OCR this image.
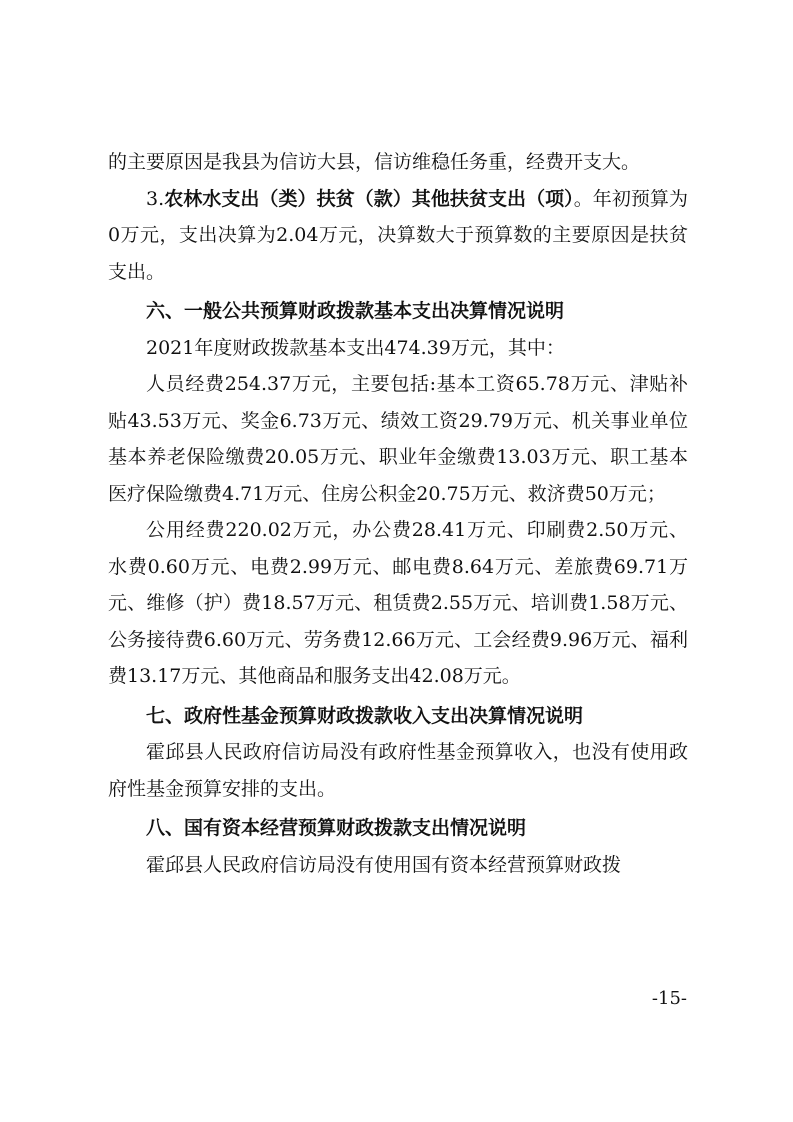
的主要原因是我县为信访大县，信访维稳任务重，经费开支大。

3.农林水支出（类）扶贫（款）其他扶贫支出（项）。年初预算为0万元，支出决算为2.04万元，决算数大于预算数的主要原因是扶贫支出。

六、一般公共预算财政拨款基本支出决算情况说明

2021年度财政拨款基本支出474.39万元，其中：

人员经费254.37万元，主要包括:基本工资65.78万元、津贴补贴43.53万元、奖金6.73万元、绩效工资29.79万元、机关事业单位基本养老保险缴费20.05万元、职业年金缴费13.03万元、职工基本医疗保险缴费4.71万元、住房公积金20.75万元、救济费50万元；

公用经费220.02万元，办公费28.41万元、印刷费2.50万元、水费0.60万元、电费2.99万元、邮电费8.64万元、差旅费69.71万元、维修（护）费18.57万元、租赁费2.55万元、培训费1.58万元、公务接待费6.60万元、劳务费12.66万元、工会经费9.96万元、福利费13.17万元、其他商品和服务支出42.08万元。

七、政府性基金预算财政拨款收入支出决算情况说明

霍邱县人民政府信访局没有政府性基金预算收入，也没有使用政府性基金预算安排的支出。

八、国有资本经营预算财政拨款支出情况说明

霍邱县人民政府信访局没有使用国有资本经营预算财政拨

-15-
